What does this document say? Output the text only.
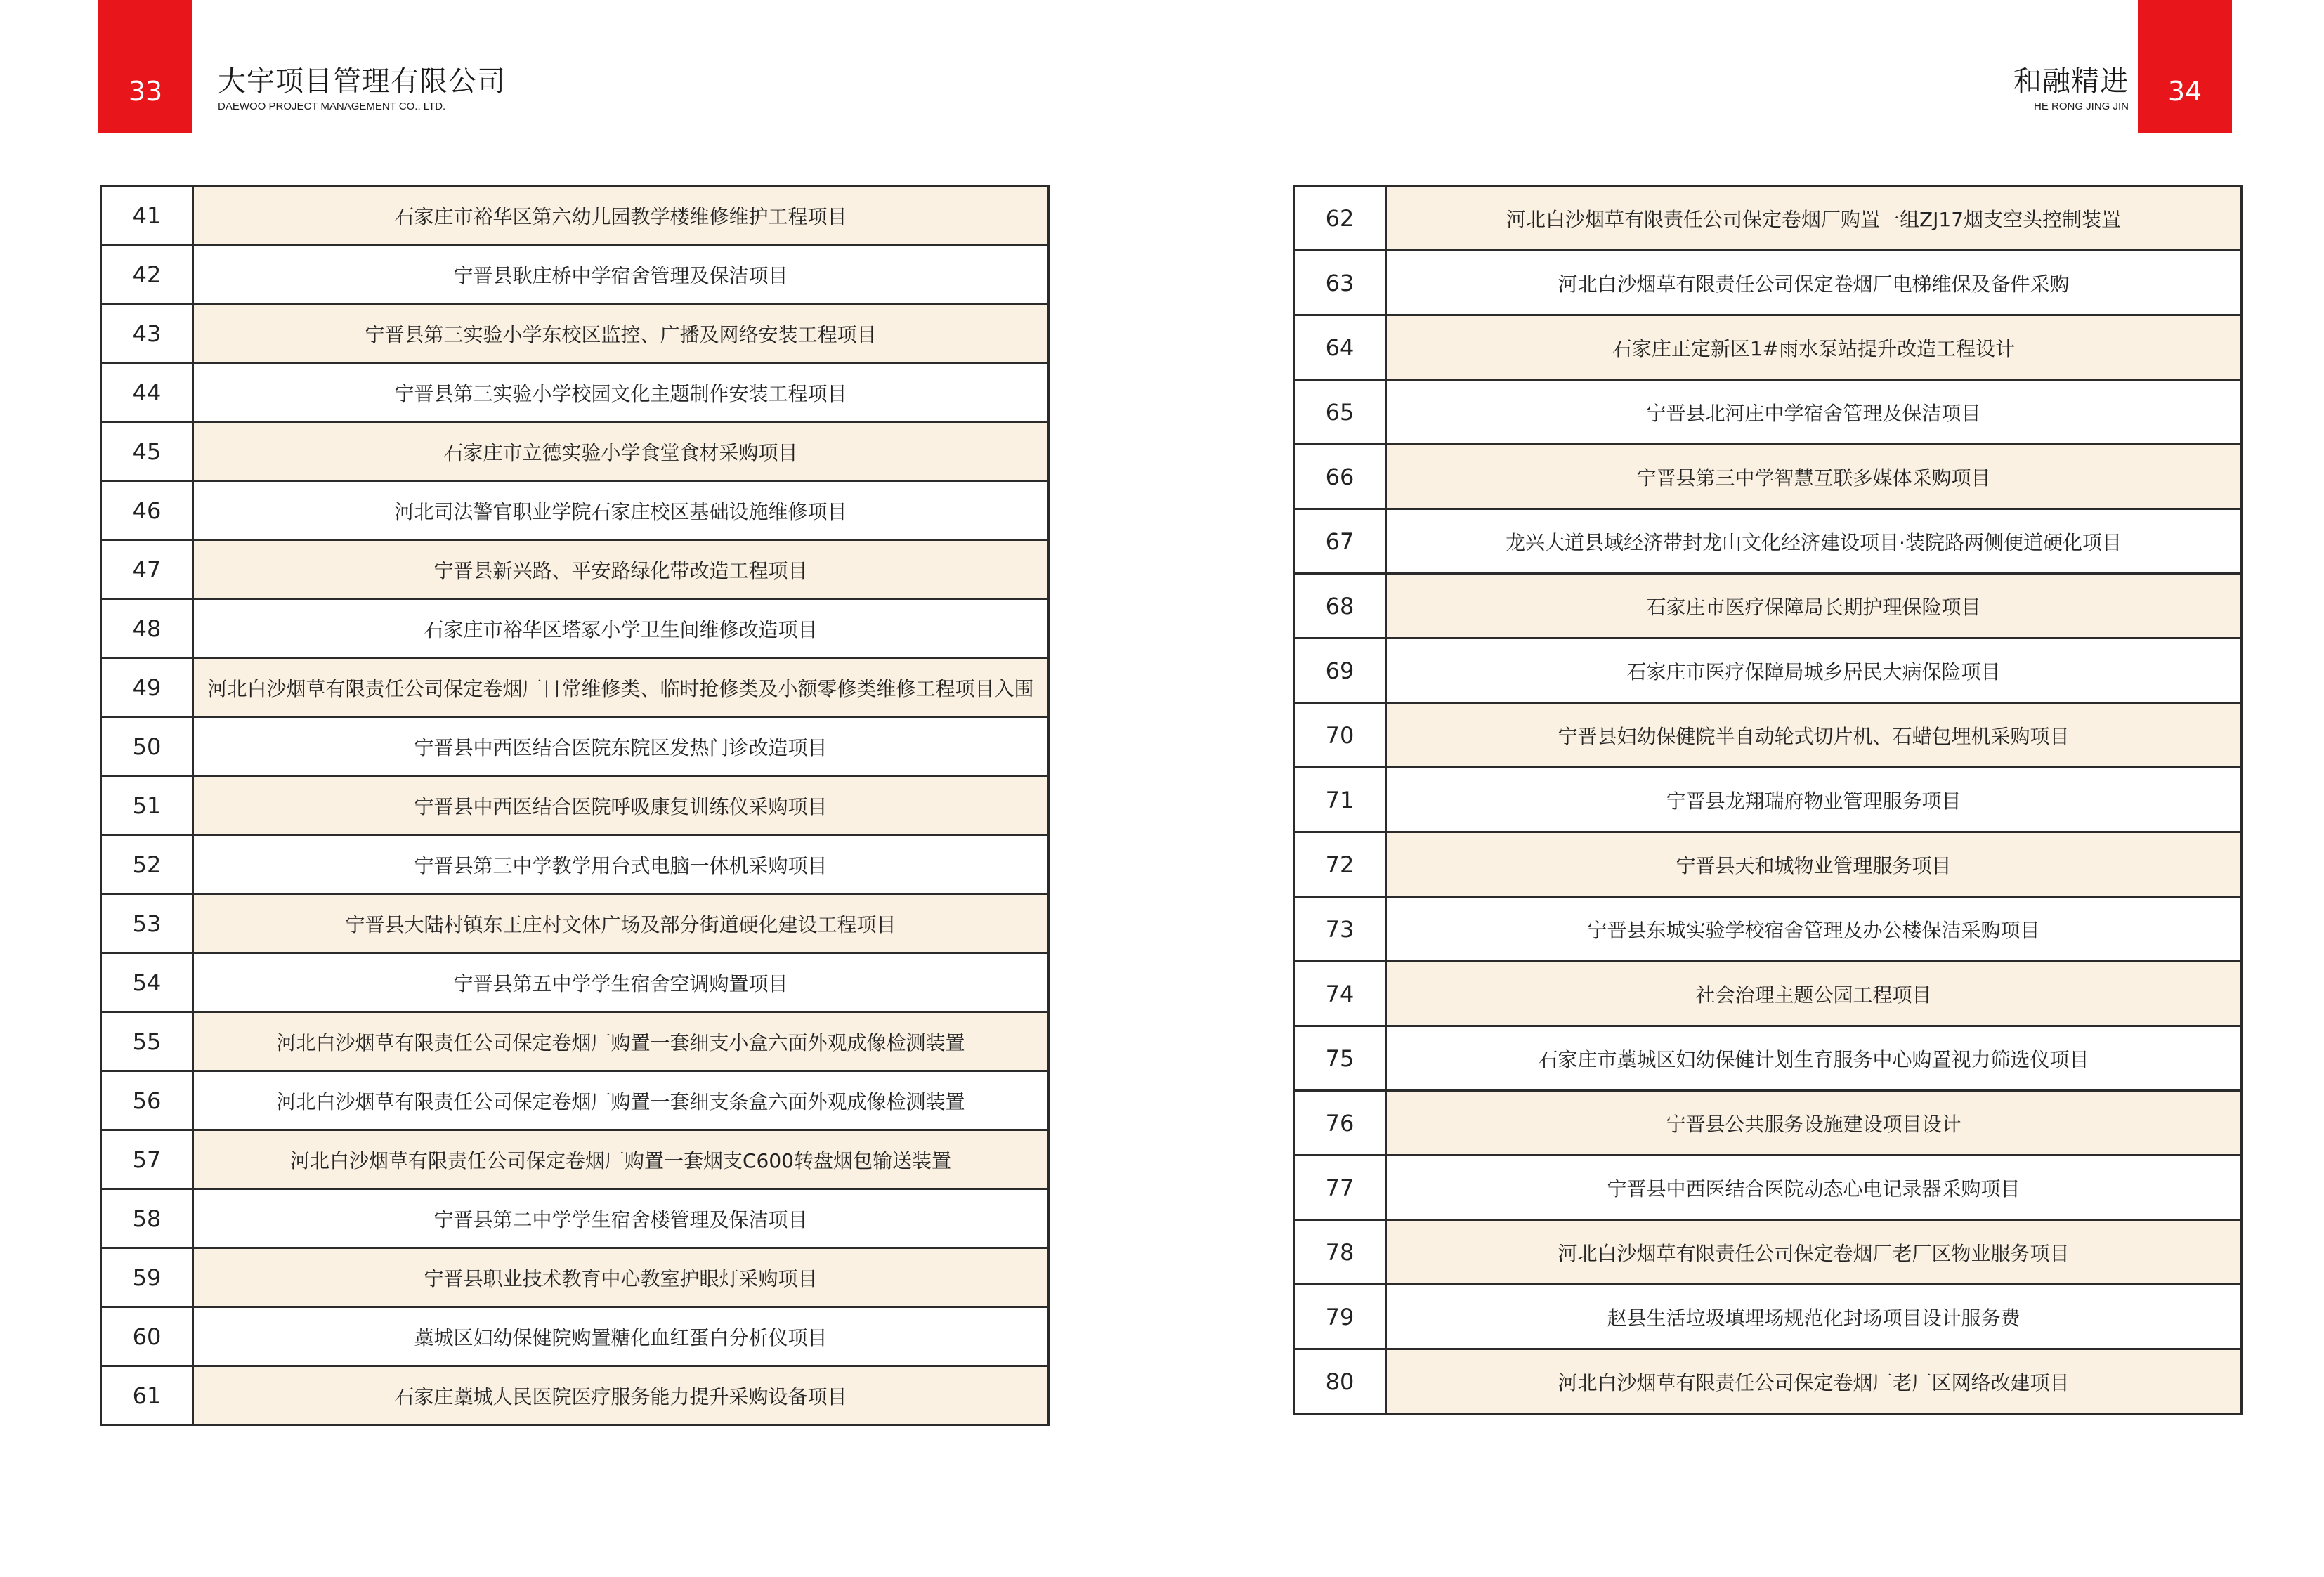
33 大宇项目管理有限公司
DAEWOO PROJECT MANAGEMENT CO., LTD.
和融精进
HE RONG JING JIN 34
41	石家庄市裕华区第六幼儿园教学楼维修维护工程项目
42	宁晋县耿庄桥中学宿舍管理及保洁项目
43	宁晋县第三实验小学东校区监控、广播及网络安装工程项目
44	宁晋县第三实验小学校园文化主题制作安装工程项目
45	石家庄市立德实验小学食堂食材采购项目
46	河北司法警官职业学院石家庄校区基础设施维修项目
47	宁晋县新兴路、平安路绿化带改造工程项目
48	石家庄市裕华区塔冢小学卫生间维修改造项目
49	河北白沙烟草有限责任公司保定卷烟厂日常维修类、临时抢修类及小额零修类维修工程项目入围
50	宁晋县中西医结合医院东院区发热门诊改造项目
51	宁晋县中西医结合医院呼吸康复训练仪采购项目
52	宁晋县第三中学教学用台式电脑一体机采购项目
53	宁晋县大陆村镇东王庄村文体广场及部分街道硬化建设工程项目
54	宁晋县第五中学学生宿舍空调购置项目
55	河北白沙烟草有限责任公司保定卷烟厂购置一套细支小盒六面外观成像检测装置
56	河北白沙烟草有限责任公司保定卷烟厂购置一套细支条盒六面外观成像检测装置
57	河北白沙烟草有限责任公司保定卷烟厂购置一套烟支C600转盘烟包输送装置
58	宁晋县第二中学学生宿舍楼管理及保洁项目
59	宁晋县职业技术教育中心教室护眼灯采购项目
60	藁城区妇幼保健院购置糖化血红蛋白分析仪项目
61	石家庄藁城人民医院医疗服务能力提升采购设备项目
62	河北白沙烟草有限责任公司保定卷烟厂购置一组ZJ17烟支空头控制装置
63	河北白沙烟草有限责任公司保定卷烟厂电梯维保及备件采购
64	石家庄正定新区1#雨水泵站提升改造工程设计
65	宁晋县北河庄中学宿舍管理及保洁项目
66	宁晋县第三中学智慧互联多媒体采购项目
67	龙兴大道县域经济带封龙山文化经济建设项目·装院路两侧便道硬化项目
68	石家庄市医疗保障局长期护理保险项目
69	石家庄市医疗保障局城乡居民大病保险项目
70	宁晋县妇幼保健院半自动轮式切片机、石蜡包埋机采购项目
71	宁晋县龙翔瑞府物业管理服务项目
72	宁晋县天和城物业管理服务项目
73	宁晋县东城实验学校宿舍管理及办公楼保洁采购项目
74	社会治理主题公园工程项目
75	石家庄市藁城区妇幼保健计划生育服务中心购置视力筛选仪项目
76	宁晋县公共服务设施建设项目设计
77	宁晋县中西医结合医院动态心电记录器采购项目
78	河北白沙烟草有限责任公司保定卷烟厂老厂区物业服务项目
79	赵县生活垃圾填埋场规范化封场项目设计服务费
80	河北白沙烟草有限责任公司保定卷烟厂老厂区网络改建项目
